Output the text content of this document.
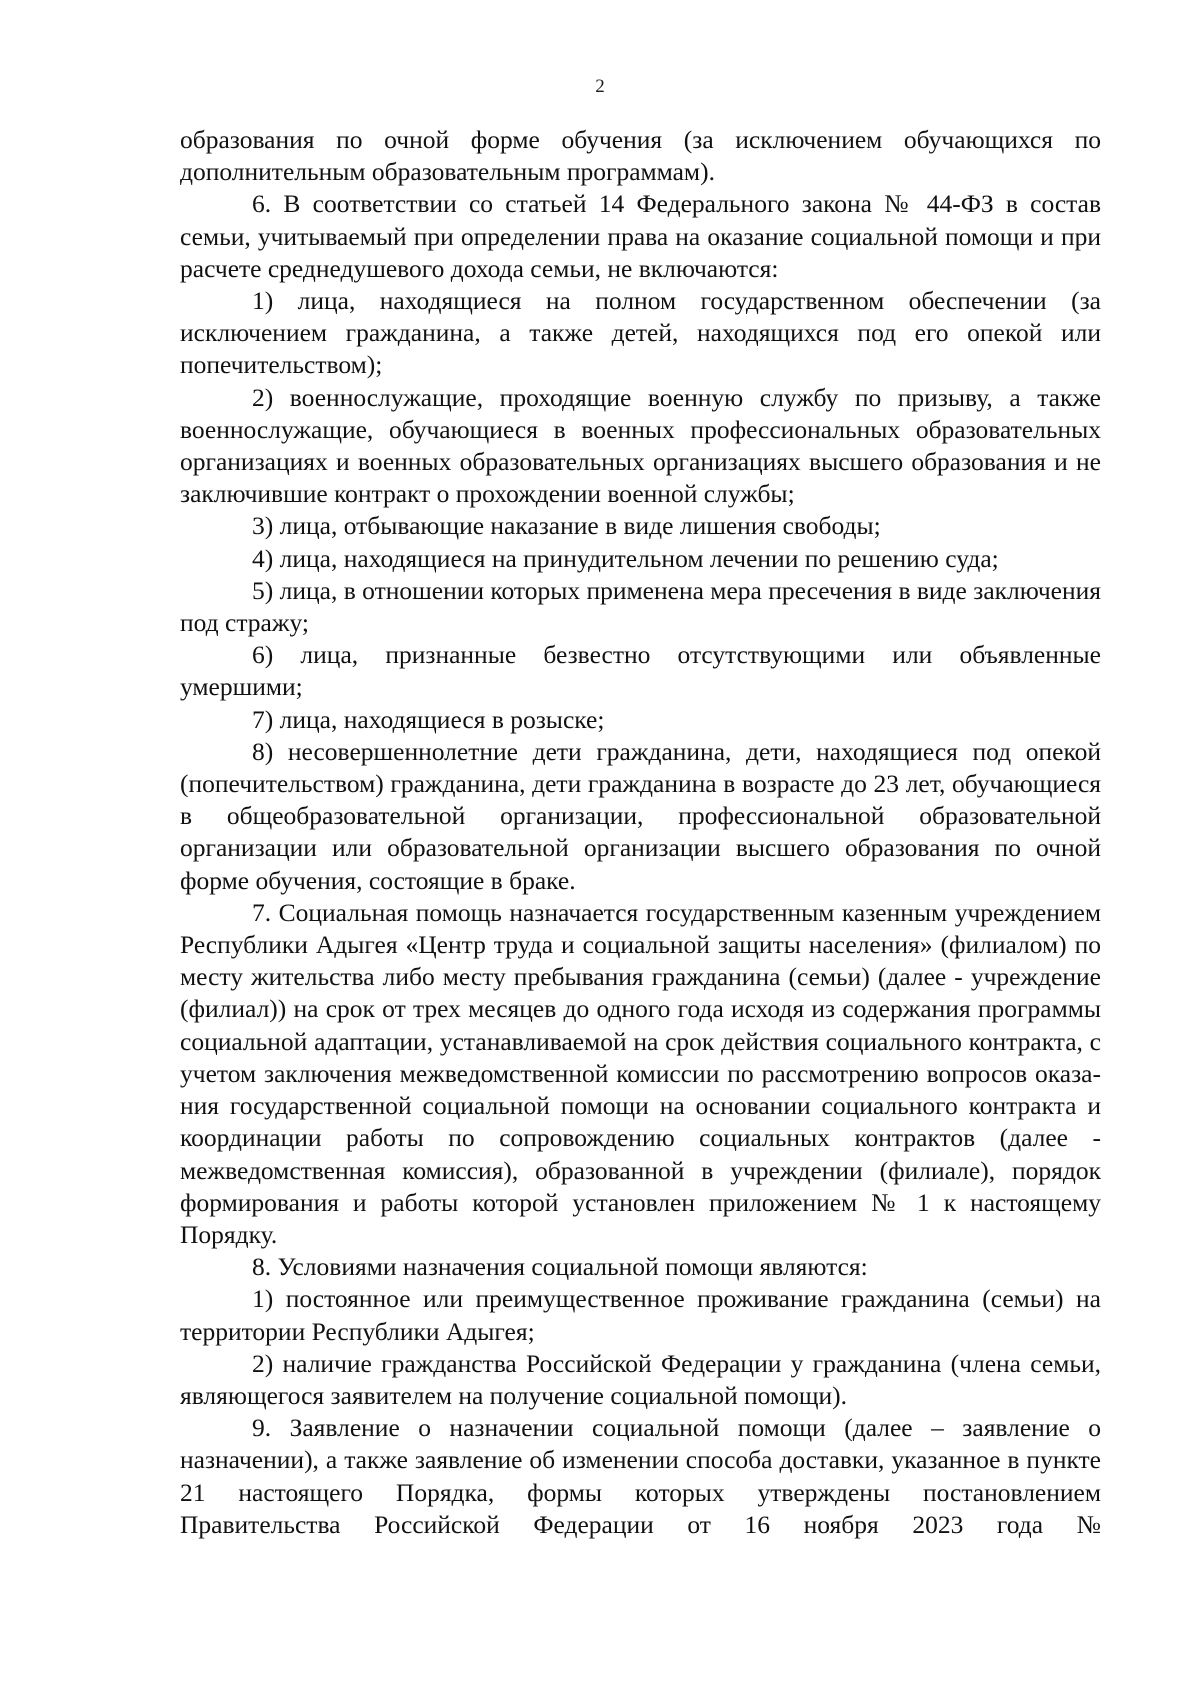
2

образования по очной форме обучения (за исключением обучающихся по дополнительным образовательным программам).

6. В соответствии со статьей 14 Федерального закона № 44-ФЗ в состав семьи, учитываемый при определении права на оказание социальной помощи и при расчете среднедушевого дохода семьи, не включаются:

1) лица, находящиеся на полном государственном обеспечении (за исключением гражданина, а также детей, находящихся под его опекой или попечительством);

2) военнослужащие, проходящие военную службу по призыву, а также военнослужащие, обучающиеся в военных профессиональных образовательных организациях и военных образовательных организациях высшего образования и не заключившие контракт о прохождении военной службы;

3) лица, отбывающие наказание в виде лишения свободы;

4) лица, находящиеся на принудительном лечении по решению суда;

5) лица, в отношении которых применена мера пресечения в виде заключения под стражу;

6) лица, признанные безвестно отсутствующими или объявленные умершими;

7) лица, находящиеся в розыске;

8) несовершеннолетние дети гражданина, дети, находящиеся под опекой (попечительством) гражданина, дети гражданина в возрасте до 23 лет, обучающиеся в общеобразовательной организации, профессиональной образовательной организации или образовательной организации высшего образования по очной форме обучения, состоящие в браке.

7. Социальная помощь назначается государственным казенным учреждением Республики Адыгея «Центр труда и социальной защиты населения» (филиалом) по месту жительства либо месту пребывания гражданина (семьи) (далее - учреждение (филиал)) на срок от трех месяцев до одного года исходя из содержания программы социальной адаптации, устанавливаемой на срок действия социального контракта, с учетом заключения межведомственной комиссии по рассмотрению вопросов оказания государственной социальной помощи на основании социального контракта и координации работы по сопровождению социальных контрактов (далее - межведомственная комиссия), образованной в учреждении (филиале), порядок формирования и работы которой установлен приложением № 1 к настоящему Порядку.

8. Условиями назначения социальной помощи являются:

1) постоянное или преимущественное проживание гражданина (семьи) на территории Республики Адыгея;

2) наличие гражданства Российской Федерации у гражданина (члена семьи, являющегося заявителем на получение социальной помощи).

9. Заявление о назначении социальной помощи (далее – заявление о назначении), а также заявление об изменении способа доставки, указанное в пункте 21 настоящего Порядка, формы которых утверждены постановлением Правительства Российской Федерации от 16 ноября 2023 года №
